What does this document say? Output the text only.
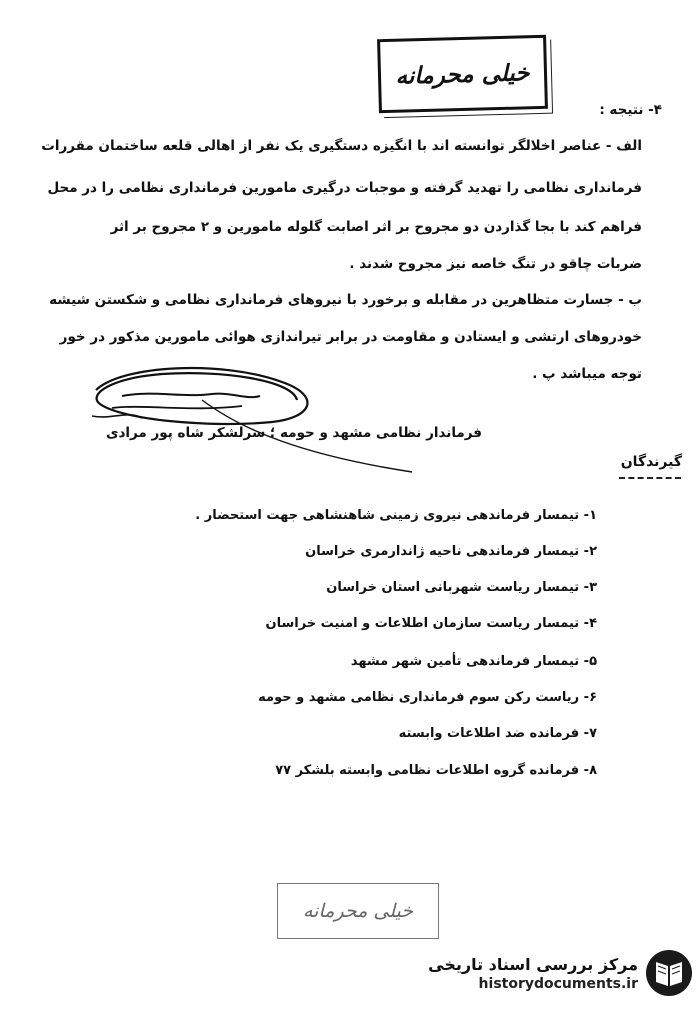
خیلی محرمانه
۴- نتیجه :
الف - عناصر اخلالگر توانسته اند با انگیزه دستگیری یک نفر از اهالی قلعه ساختمان مقررات
فرمانداری نظامی را تهدید گرفته و موجبات درگیری مامورین فرمانداری نظامی را در محل
فراهم کند با بجا گذاردن دو مجروح بر اثر اصابت گلوله مامورین و ۲ مجروح بر اثر
ضربات چاقو در تنگ خاصه نیز مجروح شدند .
ب - جسارت متظاهرین در مقابله و برخورد با نیروهای فرمانداری نظامی و شکستن شیشه
خودروهای ارتشی و ایستادن و مقاومت در برابر تیراندازی هوائی مامورین مذکور در خور
توجه میباشد پ .
فرماندار نظامی مشهد و حومه ؛ سرلشکر شاه پور مرادی
گیرندگان
۱- تیمسار فرماندهی نیروی زمینی شاهنشاهی جهت استحضار .
۲- تیمسار فرماندهی ناحیه ژاندارمری خراسان
۳- تیمسار ریاست شهربانی استان خراسان
۴- تیمسار ریاست سازمان اطلاعات و امنیت خراسان
۵- تیمسار فرماندهی تأمین شهر مشهد
۶- ریاست رکن سوم فرمانداری نظامی مشهد و حومه
۷- فرمانده ضد اطلاعات وابسته
۸- فرمانده گروه اطلاعات نظامی وابسته بلشکر ۷۷
خیلی محرمانه
مرکز بررسی اسناد تاریخی
historydocuments.ir
